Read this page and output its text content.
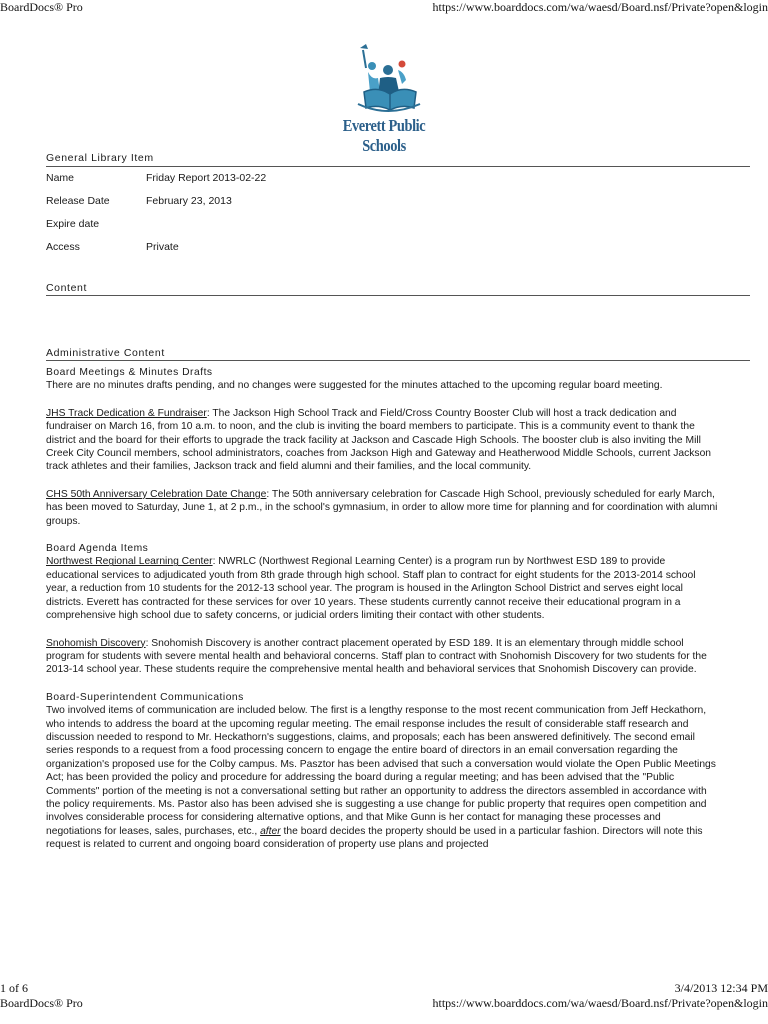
BoardDocs® Pro	https://www.boarddocs.com/wa/waesd/Board.nsf/Private?open&login
Everett Public Schools
General Library Item
Name	Friday Report 2013-02-22
Release Date	February 23, 2013
Expire date
Access	Private
Content
Administrative Content

Board Meetings & Minutes Drafts
There are no minutes drafts pending, and no changes were suggested for the minutes attached to the upcoming regular board meeting.

JHS Track Dedication & Fundraiser: The Jackson High School Track and Field/Cross Country Booster Club will host a track dedication and fundraiser on March 16, from 10 a.m. to noon, and the club is inviting the board members to participate. This is a community event to thank the district and the board for their efforts to upgrade the track facility at Jackson and Cascade High Schools. The booster club is also inviting the Mill Creek City Council members, school administrators, coaches from Jackson High and Gateway and Heatherwood Middle Schools, current Jackson track athletes and their families, Jackson track and field alumni and their families, and the local community.

CHS 50th Anniversary Celebration Date Change: The 50th anniversary celebration for Cascade High School, previously scheduled for early March, has been moved to Saturday, June 1, at 2 p.m., in the school's gymnasium, in order to allow more time for planning and for coordination with alumni groups.

Board Agenda Items
Northwest Regional Learning Center: NWRLC (Northwest Regional Learning Center) is a program run by Northwest ESD 189 to provide educational services to adjudicated youth from 8th grade through high school. Staff plan to contract for eight students for the 2013-2014 school year, a reduction from 10 students for the 2012-13 school year. The program is housed in the Arlington School District and serves eight local districts. Everett has contracted for these services for over 10 years. These students currently cannot receive their educational program in a comprehensive high school due to safety concerns, or judicial orders limiting their contact with other students.

Snohomish Discovery: Snohomish Discovery is another contract placement operated by ESD 189. It is an elementary through middle school program for students with severe mental health and behavioral concerns. Staff plan to contract with Snohomish Discovery for two students for the 2013-14 school year. These students require the comprehensive mental health and behavioral services that Snohomish Discovery can provide.

Board-Superintendent Communications
Two involved items of communication are included below. The first is a lengthy response to the most recent communication from Jeff Heckathorn, who intends to address the board at the upcoming regular meeting. The email response includes the result of considerable staff research and discussion needed to respond to Mr. Heckathorn's suggestions, claims, and proposals; each has been answered definitively. The second email series responds to a request from a food processing concern to engage the entire board of directors in an email conversation regarding the organization's proposed use for the Colby campus. Ms. Pasztor has been advised that such a conversation would violate the Open Public Meetings Act; has been provided the policy and procedure for addressing the board during a regular meeting; and has been advised that the "Public Comments" portion of the meeting is not a conversational setting but rather an opportunity to address the directors assembled in accordance with the policy requirements. Ms. Pastor also has been advised she is suggesting a use change for public property that requires open competition and involves considerable process for considering alternative options, and that Mike Gunn is her contact for managing these processes and negotiations for leases, sales, purchases, etc., after the board decides the property should be used in a particular fashion. Directors will note this request is related to current and ongoing board consideration of property use plans and projected

1 of 6	3/4/2013 12:34 PM
BoardDocs® Pro	https://www.boarddocs.com/wa/waesd/Board.nsf/Private?open&login
